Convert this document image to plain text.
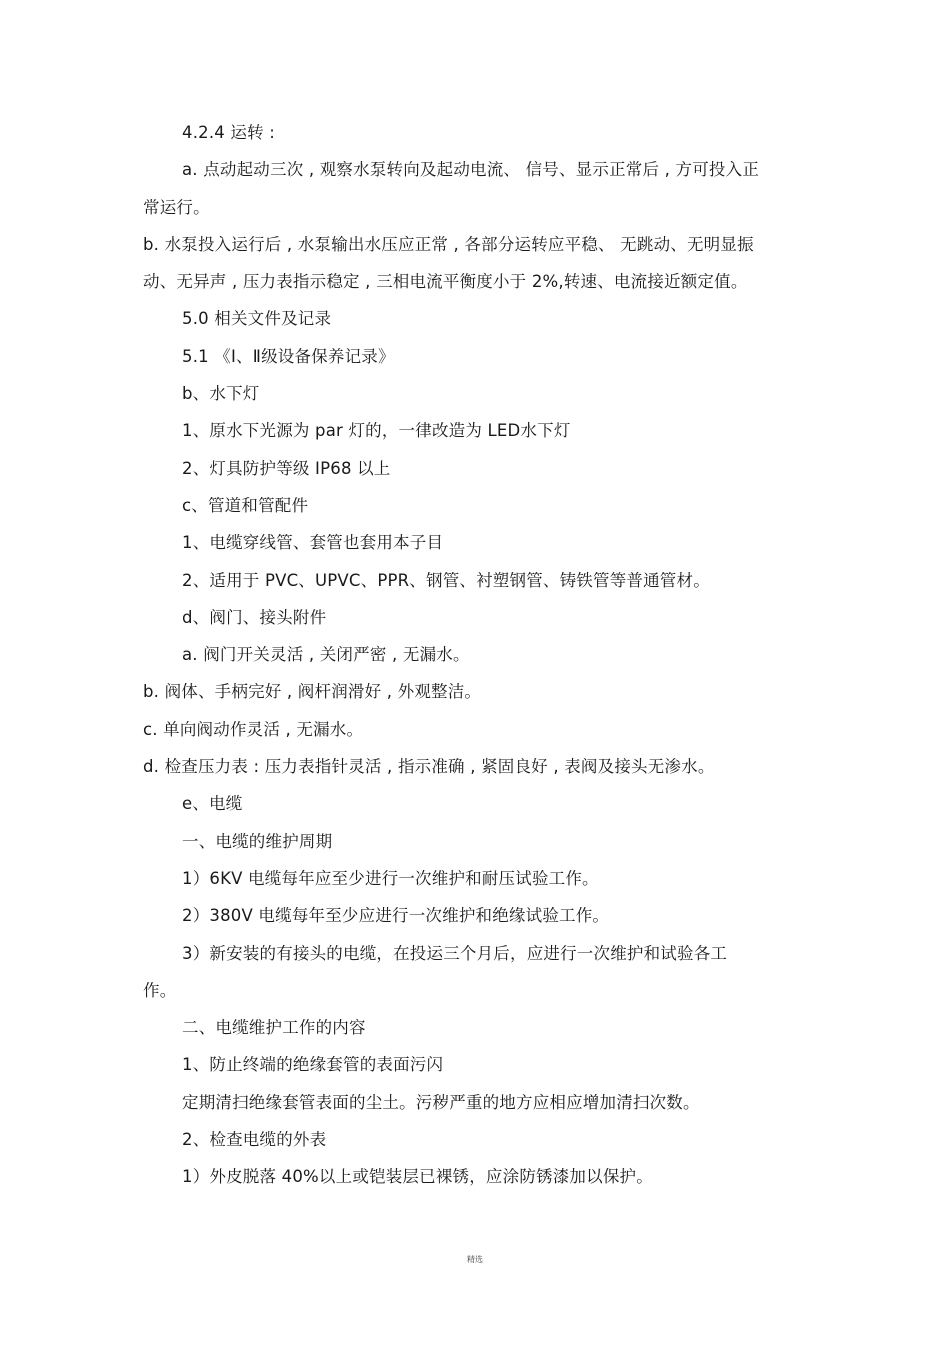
4.2.4 运转 :
a. 点动起动三次 , 观察水泵转向及起动电流、 信号、显示正常后 , 方可投入正
常运行。
b. 水泵投入运行后 , 水泵输出水压应正常 , 各部分运转应平稳、 无跳动、无明显振
动、无异声 , 压力表指示稳定 , 三相电流平衡度小于 2%,转速、电流接近额定值。
5.0 相关文件及记录
5.1 《Ⅰ、Ⅱ级设备保养记录》
b、水下灯
1、原水下光源为 par 灯的，一律改造为 LED水下灯
2、灯具防护等级 IP68 以上
c、管道和管配件
1、电缆穿线管、套管也套用本子目
2、适用于 PVC、UPVC、PPR、钢管、衬塑钢管、铸铁管等普通管材。
d、阀门、接头附件
a. 阀门开关灵活 , 关闭严密 , 无漏水。
b. 阀体、手柄完好 , 阀杆润滑好 , 外观整洁。
c. 单向阀动作灵活 , 无漏水。
d. 检查压力表 : 压力表指针灵活 , 指示准确 , 紧固良好 , 表阀及接头无渗水。
e、电缆
一、电缆的维护周期
1）6KV 电缆每年应至少进行一次维护和耐压试验工作。
2）380V 电缆每年至少应进行一次维护和绝缘试验工作。
3）新安装的有接头的电缆，在投运三个月后，应进行一次维护和试验各工
作。
二、电缆维护工作的内容
1、防止终端的绝缘套管的表面污闪
定期清扫绝缘套管表面的尘土。污秽严重的地方应相应增加清扫次数。
2、检查电缆的外表
1）外皮脱落 40%以上或铠装层已裸锈，应涂防锈漆加以保护。
精选
